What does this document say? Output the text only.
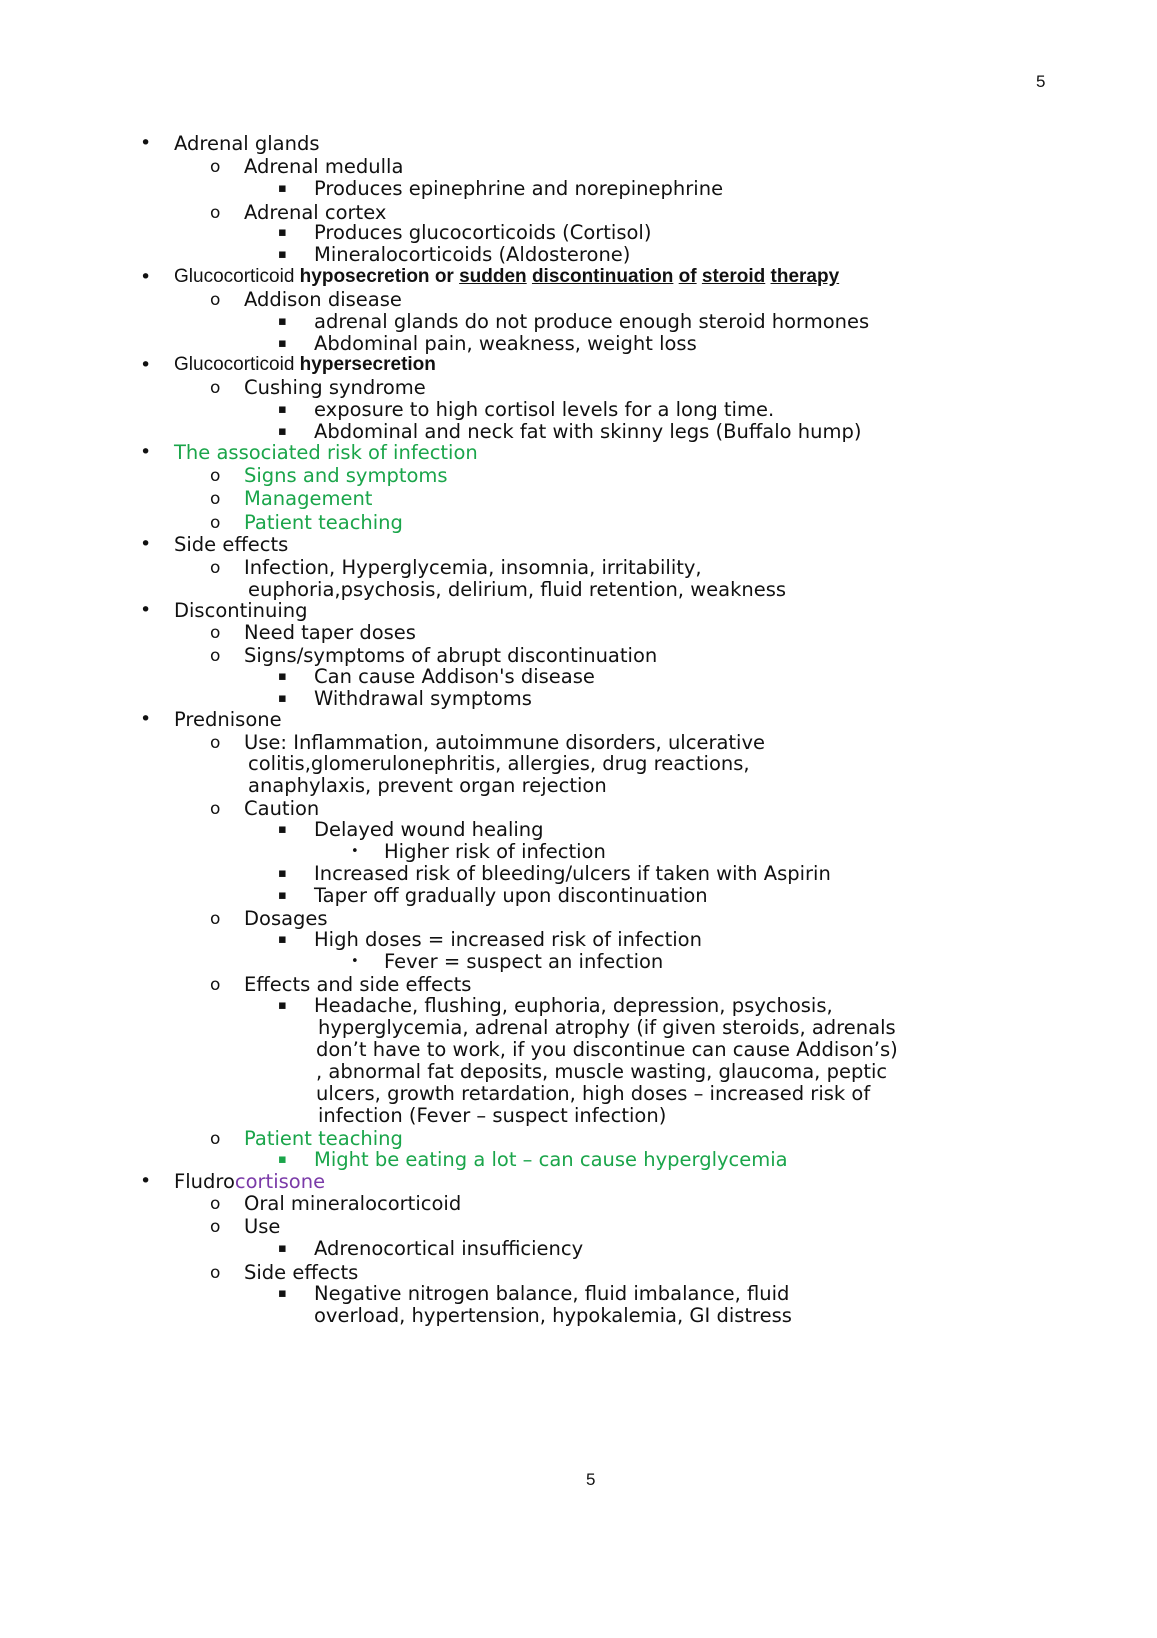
5
• Adrenal glands
o Adrenal medulla
▪ Produces epinephrine and norepinephrine
o Adrenal cortex
▪ Produces glucocorticoids (Cortisol)
▪ Mineralocorticoids (Aldosterone)
• Glucocorticoid hyposecretion or sudden discontinuation of steroid therapy
o Addison disease
▪ adrenal glands do not produce enough steroid hormones
▪ Abdominal pain, weakness, weight loss
• Glucocorticoid hypersecretion
o Cushing syndrome
▪ exposure to high cortisol levels for a long time.
▪ Abdominal and neck fat with skinny legs (Buffalo hump)
• The associated risk of infection
o Signs and symptoms
o Management
o Patient teaching
• Side effects
o Infection, Hyperglycemia, insomnia, irritability,
euphoria,psychosis, delirium, fluid retention, weakness
• Discontinuing
o Need taper doses
o Signs/symptoms of abrupt discontinuation
▪ Can cause Addison's disease
▪ Withdrawal symptoms
• Prednisone
o Use: Inflammation, autoimmune disorders, ulcerative
colitis,glomerulonephritis, allergies, drug reactions,
anaphylaxis, prevent organ rejection
o Caution
▪ Delayed wound healing
• Higher risk of infection
▪ Increased risk of bleeding/ulcers if taken with Aspirin
▪ Taper off gradually upon discontinuation
o Dosages
▪ High doses = increased risk of infection
• Fever = suspect an infection
o Effects and side effects
▪ Headache, flushing, euphoria, depression, psychosis,
hyperglycemia, adrenal atrophy (if given steroids, adrenals
don’t have to work, if you discontinue can cause Addison’s)
, abnormal fat deposits, muscle wasting, glaucoma, peptic
ulcers, growth retardation, high doses – increased risk of
infection (Fever – suspect infection)
o Patient teaching
▪ Might be eating a lot – can cause hyperglycemia
• Fludrocortisone
o Oral mineralocorticoid
o Use
▪ Adrenocortical insufficiency
o Side effects
▪ Negative nitrogen balance, fluid imbalance, fluid
overload, hypertension, hypokalemia, GI distress
5
